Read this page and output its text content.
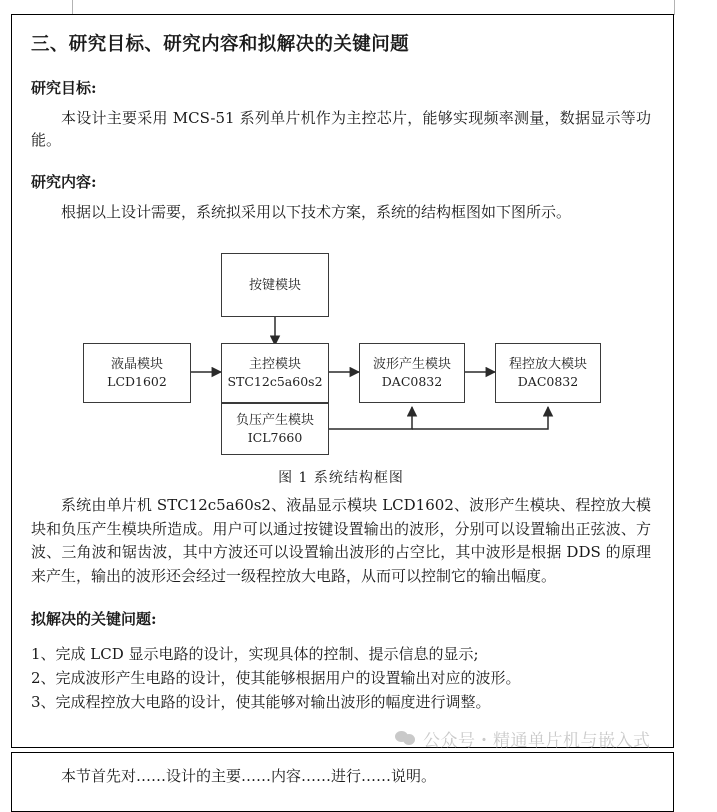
三、研究目标、研究内容和拟解决的关键问题
研究目标:

本设计主要采用 MCS-51 系列单片机作为主控芯片，能够实现频率测量，数据显示等功能。

研究内容:

根据以上设计需要，系统拟采用以下技术方案，系统的结构框图如下图所示。

按键模块
液晶模块
LCD1602
主控模块
STC12c5a60s2
波形产生模块
DAC0832
程控放大模块
DAC0832
负压产生模块
ICL7660
图 1 系统结构框图

系统由单片机 STC12c5a60s2、液晶显示模块 LCD1602、波形产生模块、程控放大模块和负压产生模块所造成。用户可以通过按键设置输出的波形，分别可以设置输出正弦波、方波、三角波和锯齿波，其中方波还可以设置输出波形的占空比，其中波形是根据 DDS 的原理来产生，输出的波形还会经过一级程控放大电路，从而可以控制它的输出幅度。

拟解决的关键问题:
1、完成 LCD 显示电路的设计，实现具体的控制、提示信息的显示;
2、完成波形产生电路的设计，使其能够根据用户的设置输出对应的波形。
3、完成程控放大电路的设计，使其能够对输出波形的幅度进行调整。

本节首先对……设计的主要……内容……进行……说明。

公众号・精通单片机与嵌入式
